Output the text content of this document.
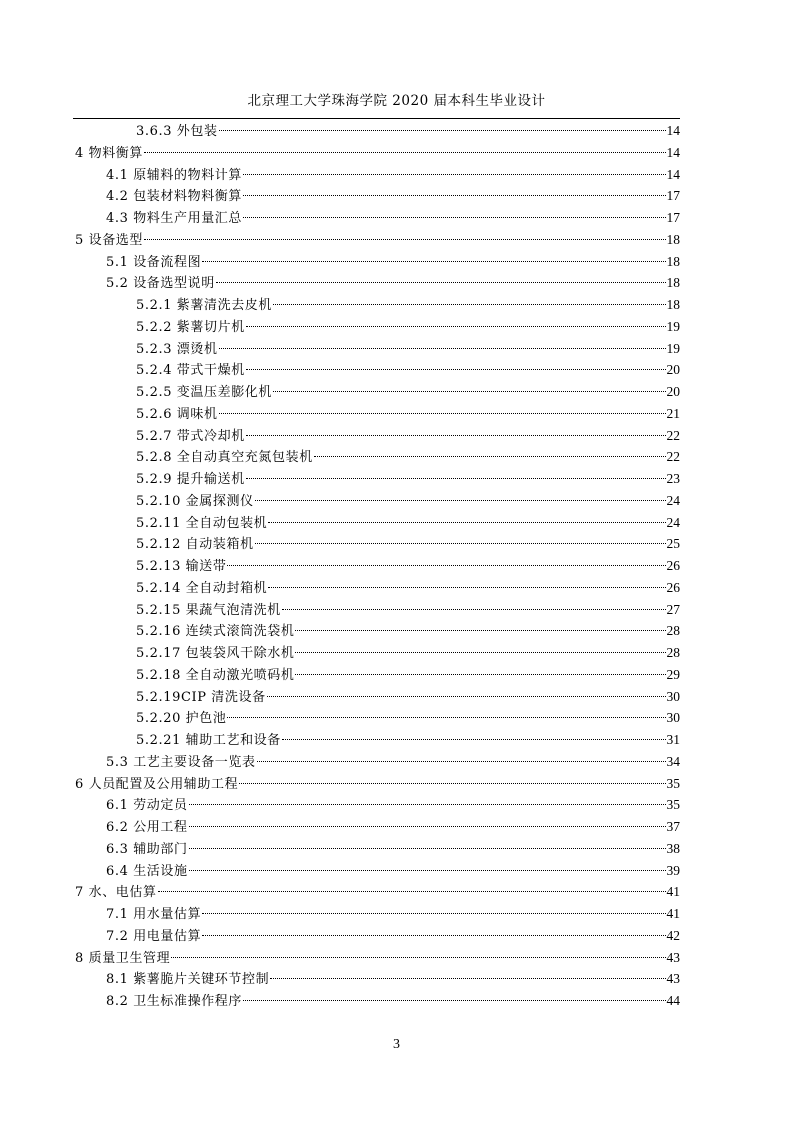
北京理工大学珠海学院 2020 届本科生毕业设计
3.6.3 外包装	14
4 物料衡算	14
4.1 原辅料的物料计算	14
4.2 包装材料物料衡算	17
4.3 物料生产用量汇总	17
5 设备选型	18
5.1 设备流程图	18
5.2 设备选型说明	18
5.2.1 紫薯清洗去皮机	18
5.2.2 紫薯切片机	19
5.2.3 漂烫机	19
5.2.4 带式干燥机	20
5.2.5 变温压差膨化机	20
5.2.6 调味机	21
5.2.7 带式冷却机	22
5.2.8 全自动真空充氮包装机	22
5.2.9 提升输送机	23
5.2.10 金属探测仪	24
5.2.11 全自动包装机	24
5.2.12 自动装箱机	25
5.2.13 输送带	26
5.2.14 全自动封箱机	26
5.2.15 果蔬气泡清洗机	27
5.2.16 连续式滚筒洗袋机	28
5.2.17 包装袋风干除水机	28
5.2.18 全自动激光喷码机	29
5.2.19CIP 清洗设备	30
5.2.20 护色池	30
5.2.21 辅助工艺和设备	31
5.3 工艺主要设备一览表	34
6 人员配置及公用辅助工程	35
6.1 劳动定员	35
6.2 公用工程	37
6.3 辅助部门	38
6.4 生活设施	39
7 水、电估算	41
7.1 用水量估算	41
7.2 用电量估算	42
8 质量卫生管理	43
8.1 紫薯脆片关键环节控制	43
8.2 卫生标准操作程序	44
3
